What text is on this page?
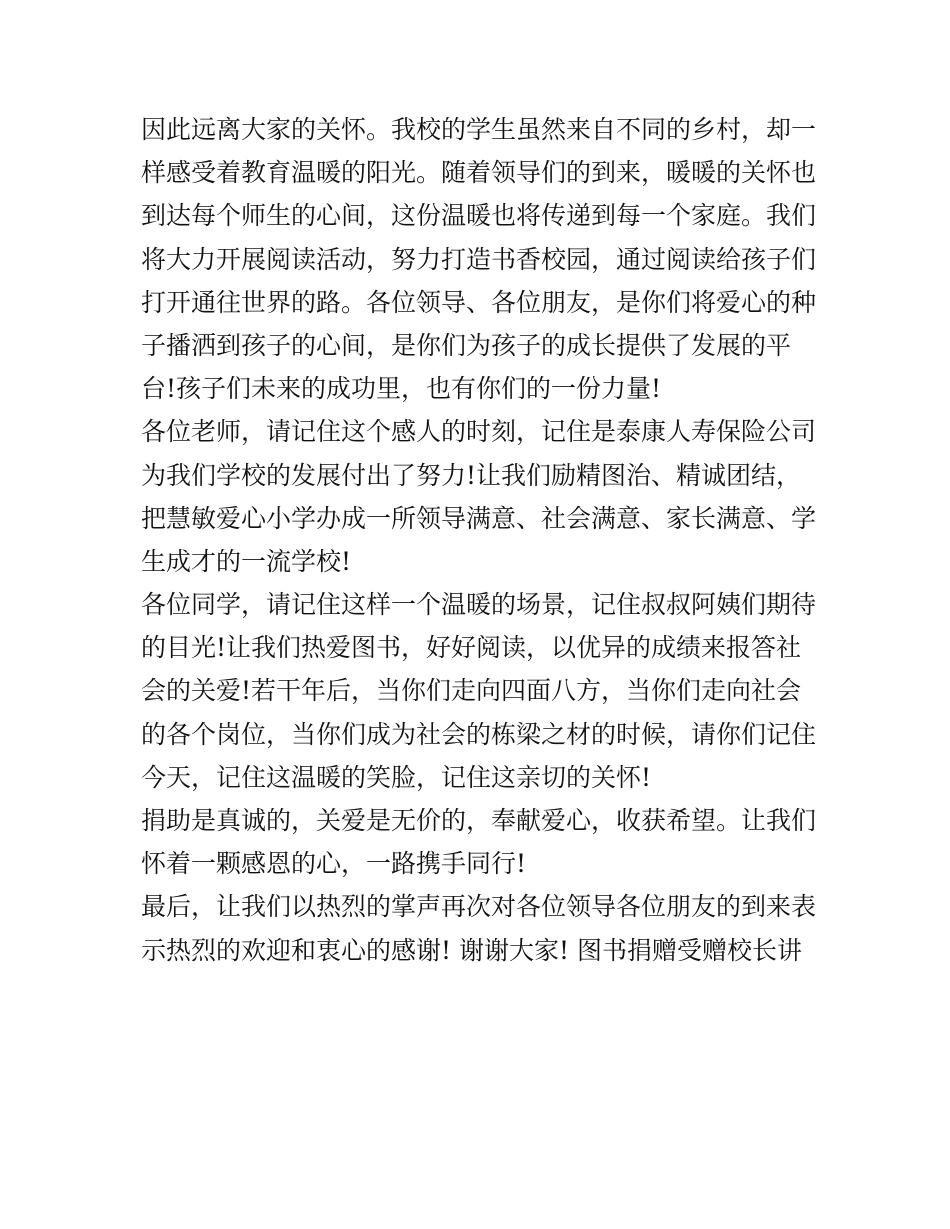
因此远离大家的关怀。我校的学生虽然来自不同的乡村，却一
样感受着教育温暖的阳光。随着领导们的到来，暖暖的关怀也
到达每个师生的心间，这份温暖也将传递到每一个家庭。我们
将大力开展阅读活动，努力打造书香校园，通过阅读给孩子们
打开通往世界的路。各位领导、各位朋友，是你们将爱心的种
子播洒到孩子的心间，是你们为孩子的成长提供了发展的平
台!孩子们未来的成功里，也有你们的一份力量!
各位老师，请记住这个感人的时刻，记住是泰康人寿保险公司
为我们学校的发展付出了努力!让我们励精图治、精诚团结，
把慧敏爱心小学办成一所领导满意、社会满意、家长满意、学
生成才的一流学校!
各位同学，请记住这样一个温暖的场景，记住叔叔阿姨们期待
的目光!让我们热爱图书，好好阅读，以优异的成绩来报答社
会的关爱!若干年后，当你们走向四面八方，当你们走向社会
的各个岗位，当你们成为社会的栋梁之材的时候，请你们记住
今天，记住这温暖的笑脸，记住这亲切的关怀!
捐助是真诚的，关爱是无价的，奉献爱心，收获希望。让我们
怀着一颗感恩的心，一路携手同行!
最后，让我们以热烈的掌声再次对各位领导各位朋友的到来表
示热烈的欢迎和衷心的感谢! 谢谢大家! 图书捐赠受赠校长讲
